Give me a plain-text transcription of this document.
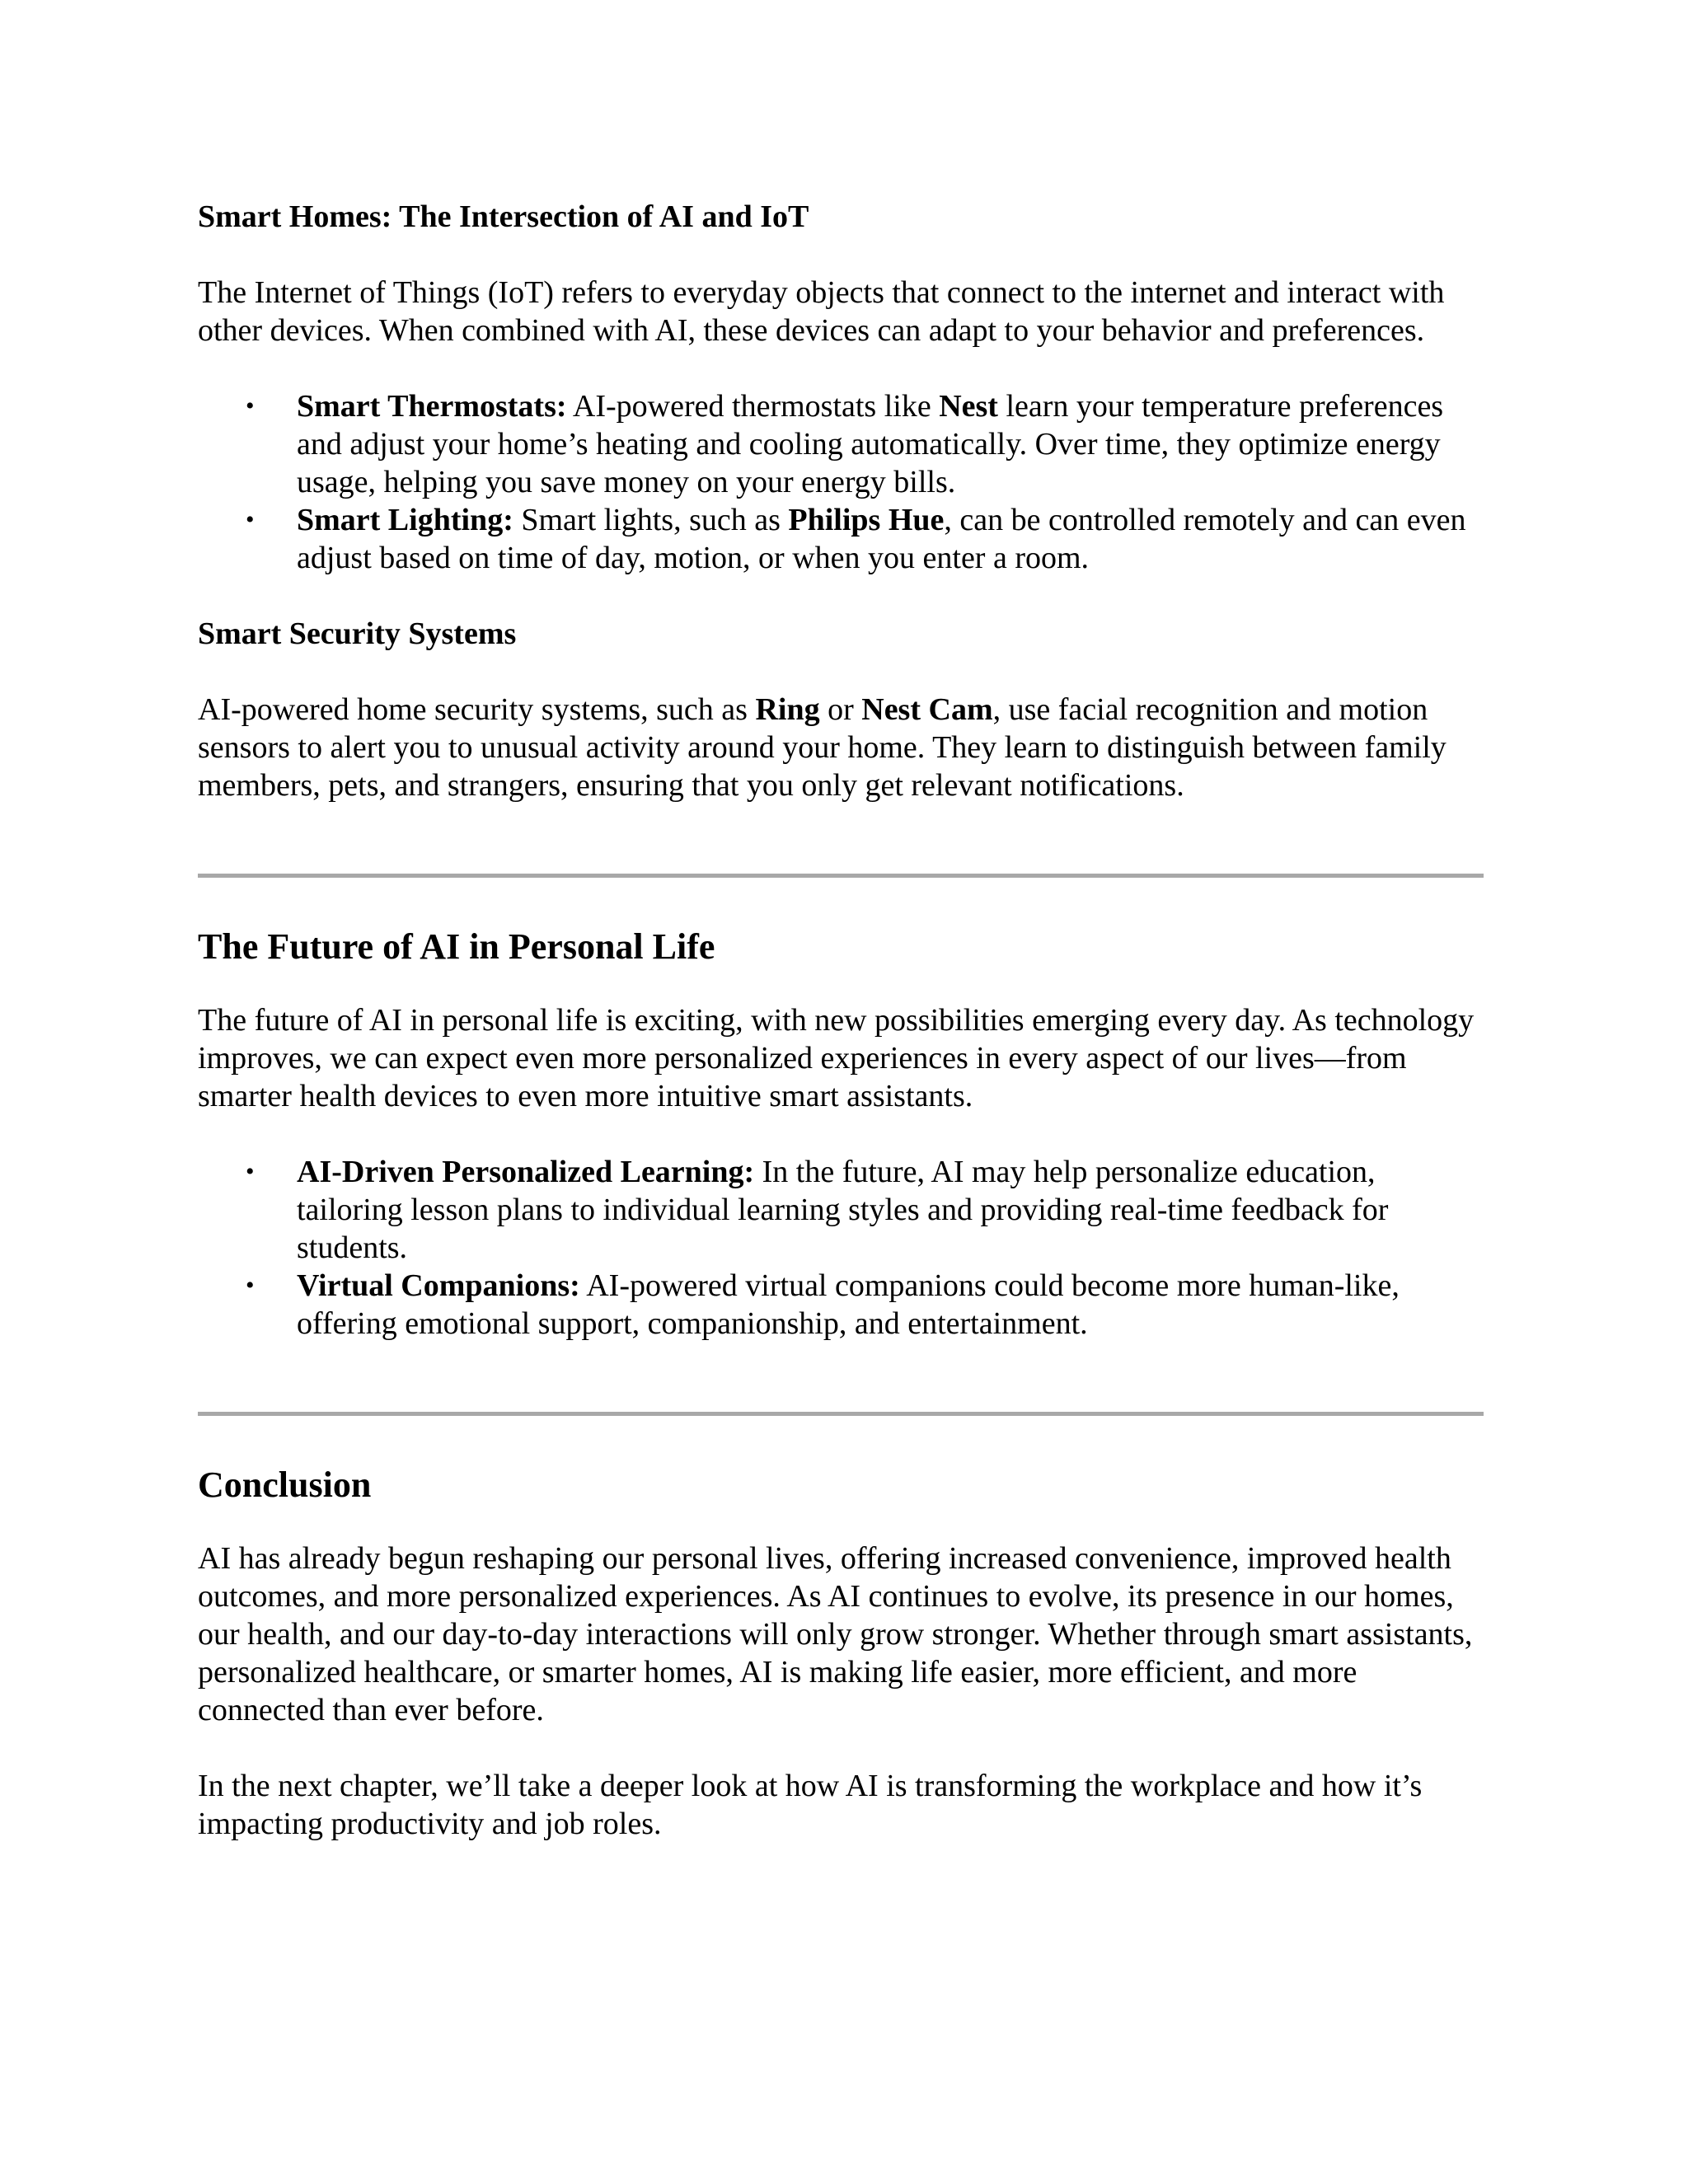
Smart Homes: The Intersection of AI and IoT

The Internet of Things (IoT) refers to everyday objects that connect to the internet and interact with other devices. When combined with AI, these devices can adapt to your behavior and preferences.

• Smart Thermostats: AI-powered thermostats like Nest learn your temperature preferences and adjust your home’s heating and cooling automatically. Over time, they optimize energy usage, helping you save money on your energy bills.
• Smart Lighting: Smart lights, such as Philips Hue, can be controlled remotely and can even adjust based on time of day, motion, or when you enter a room.
Smart Security Systems

AI-powered home security systems, such as Ring or Nest Cam, use facial recognition and motion sensors to alert you to unusual activity around your home. They learn to distinguish between family members, pets, and strangers, ensuring that you only get relevant notifications.

The Future of AI in Personal Life

The future of AI in personal life is exciting, with new possibilities emerging every day. As technology improves, we can expect even more personalized experiences in every aspect of our lives—from smarter health devices to even more intuitive smart assistants.

• AI-Driven Personalized Learning: In the future, AI may help personalize education, tailoring lesson plans to individual learning styles and providing real-time feedback for students.
• Virtual Companions: AI-powered virtual companions could become more human-like, offering emotional support, companionship, and entertainment.
Conclusion

AI has already begun reshaping our personal lives, offering increased convenience, improved health outcomes, and more personalized experiences. As AI continues to evolve, its presence in our homes, our health, and our day-to-day interactions will only grow stronger. Whether through smart assistants, personalized healthcare, or smarter homes, AI is making life easier, more efficient, and more connected than ever before.

In the next chapter, we’ll take a deeper look at how AI is transforming the workplace and how it’s impacting productivity and job roles.
